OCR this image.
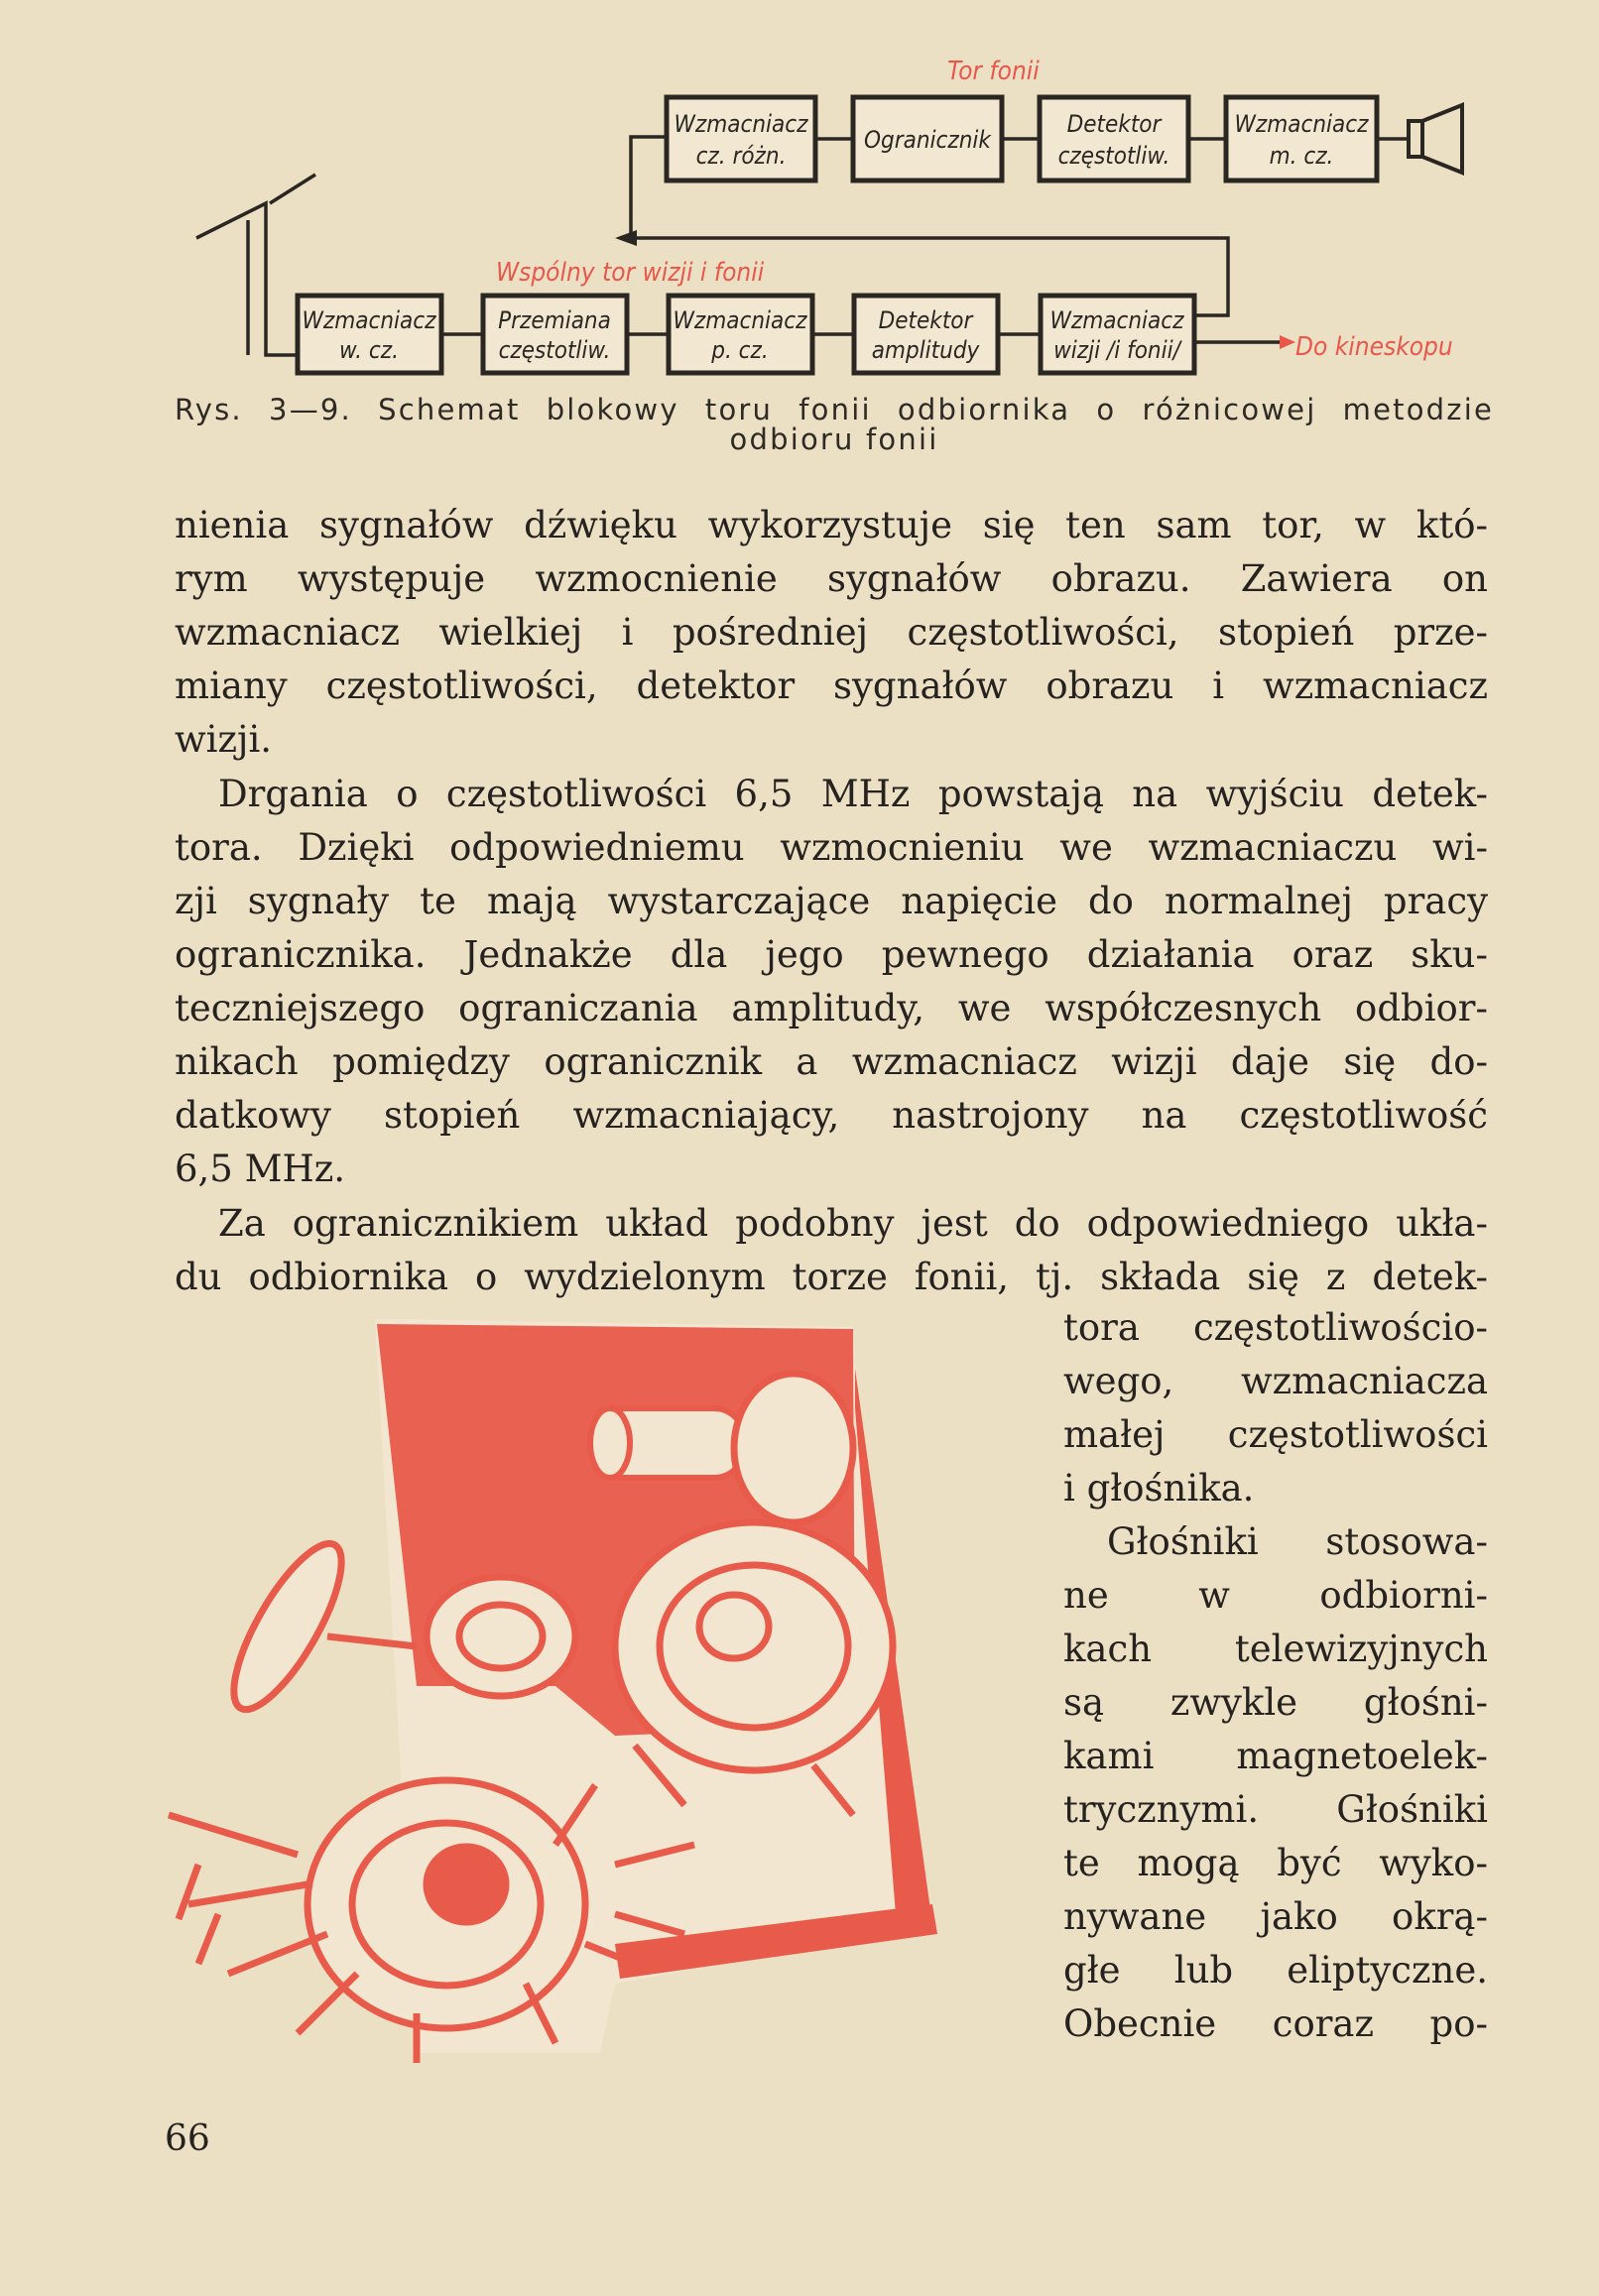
Wzmacniacz
w. cz.
Przemiana
częstotliw.
Wzmacniacz
p. cz.
Detektor
amplitudy
Wzmacniacz
wizji /i fonii/
Wzmacniacz
cz. różn.
Ogranicznik
Detektor
częstotliw.
Wzmacniacz
m. cz.
Tor fonii
Wspólny tor wizji i fonii
Do kineskopu
Rys. 3—9. Schemat blokowy toru fonii odbiornika o różnicowej metodzie
odbioru fonii
nienia sygnałów dźwięku wykorzystuje się ten sam tor, w któ-
rym występuje wzmocnienie sygnałów obrazu. Zawiera on
wzmacniacz wielkiej i pośredniej częstotliwości, stopień prze-
miany częstotliwości, detektor sygnałów obrazu i wzmacniacz
wizji.
Drgania o częstotliwości 6,5 MHz powstają na wyjściu detek-
tora. Dzięki odpowiedniemu wzmocnieniu we wzmacniaczu wi-
zji sygnały te mają wystarczające napięcie do normalnej pracy
ogranicznika. Jednakże dla jego pewnego działania oraz sku-
teczniejszego ograniczania amplitudy, we współczesnych odbior-
nikach pomiędzy ogranicznik a wzmacniacz wizji daje się do-
datkowy stopień wzmacniający, nastrojony na częstotliwość
6,5 MHz.
Za ogranicznikiem układ podobny jest do odpowiedniego ukła-
du odbiornika o wydzielonym torze fonii, tj. składa się z detek-
tora częstotliwościo-
wego, wzmacniacza
małej częstotliwości
i głośnika.
Głośniki stosowa-
ne w odbiorni-
kach telewizyjnych
są zwykle głośni-
kami magnetoelek-
trycznymi. Głośniki
te mogą być wyko-
nywane jako okrą-
głe lub eliptyczne.
Obecnie coraz po-
66
